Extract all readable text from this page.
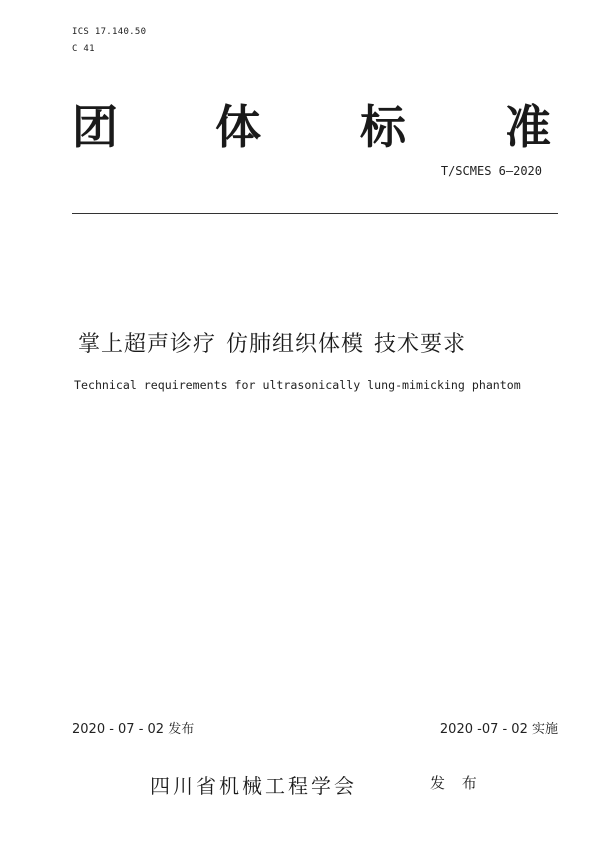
ICS 17.140.50
C 41
团 体 标 准
T/SCMES 6—2020
掌上超声诊疗 仿肺组织体模 技术要求
Technical requirements for ultrasonically lung-mimicking phantom
2020 - 07 - 02 发布	2020 -07 - 02 实施
四川省机械工程学会	发 布
